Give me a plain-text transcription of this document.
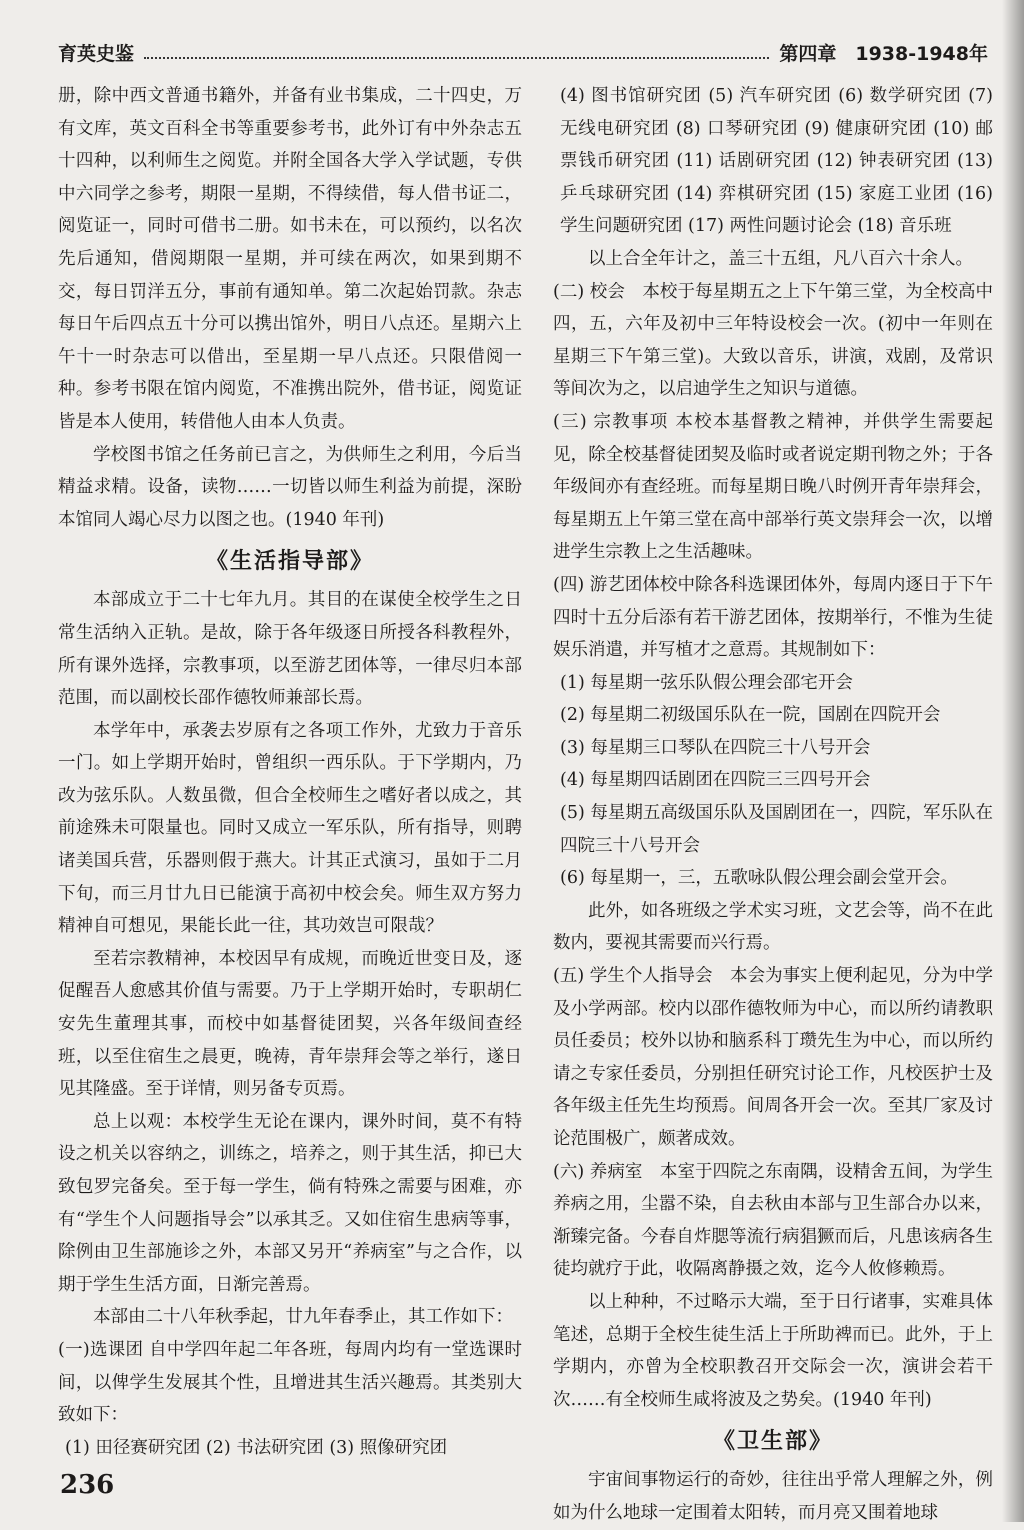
育英史鉴	第四章　1938-1948年

册，除中西文普通书籍外，并备有业书集成，二十四史，万有文库，英文百科全书等重要参考书，此外订有中外杂志五十四种，以利师生之阅览。并附全国各大学入学试题，专供中六同学之参考，期限一星期，不得续借，每人借书证二，阅览证一，同时可借书二册。如书未在，可以预约，以名次先后通知，借阅期限一星期，并可续在两次，如果到期不交，每日罚洋五分，事前有通知单。第二次起始罚款。杂志每日午后四点五十分可以携出馆外，明日八点还。星期六上午十一时杂志可以借出，至星期一早八点还。只限借阅一种。参考书限在馆内阅览，不准携出院外，借书证，阅览证皆是本人使用，转借他人由本人负责。

学校图书馆之任务前已言之，为供师生之利用，今后当精益求精。设备，读物……一切皆以师生利益为前提，深盼本馆同人竭心尽力以图之也。(1940 年刊)

《生活指导部》

本部成立于二十七年九月。其目的在谋使全校学生之日常生活纳入正轨。是故，除于各年级逐日所授各科教程外，所有课外选择，宗教事项，以至游艺团体等，一律尽归本部范围，而以副校长邵作德牧师兼部长焉。

本学年中，承袭去岁原有之各项工作外，尤致力于音乐一门。如上学期开始时，曾组织一西乐队。于下学期内，乃改为弦乐队。人数虽微，但合全校师生之嗜好者以成之，其前途殊未可限量也。同时又成立一军乐队，所有指导，则聘诸美国兵营，乐器则假于燕大。计其正式演习，虽如于二月下旬，而三月廿九日已能演于高初中校会矣。师生双方努力精神自可想见，果能长此一往，其功效岂可限哉？

至若宗教精神，本校因早有成规，而晚近世变日及，逐促醒吾人愈感其价值与需要。乃于上学期开始时，专职胡仁安先生董理其事，而校中如基督徒团契，兴各年级间查经班，以至住宿生之晨更，晚祷，青年崇拜会等之举行，遂日见其隆盛。至于详情，则另备专页焉。

总上以观：本校学生无论在课内，课外时间，莫不有特设之机关以容纳之，训练之，培养之，则于其生活，抑已大致包罗完备矣。至于每一学生，倘有特殊之需要与困难，亦有“学生个人问题指导会”以承其乏。又如住宿生患病等事，除例由卫生部施诊之外，本部又另开“养病室”与之合作，以期于学生生活方面，日渐完善焉。

本部由二十八年秋季起，廿九年春季止，其工作如下：

(一)选课团 自中学四年起二年各班，每周内均有一堂选课时间，以俾学生发展其个性，且增进其生活兴趣焉。其类别大致如下：

(1) 田径赛研究团 (2) 书法研究团 (3) 照像研究团

(4) 图书馆研究团 (5) 汽车研究团 (6) 数学研究团 (7) 无线电研究团 (8) 口琴研究团 (9) 健康研究团 (10) 邮票钱币研究团 (11) 话剧研究团 (12) 钟表研究团 (13) 乒乓球研究团 (14) 弈棋研究团 (15) 家庭工业团 (16) 学生问题研究团 (17) 两性问题讨论会 (18) 音乐班

以上合全年计之，盖三十五组，凡八百六十余人。

(二) 校会　本校于每星期五之上下午第三堂，为全校高中四，五，六年及初中三年特设校会一次。(初中一年则在星期三下午第三堂)。大致以音乐，讲演，戏剧，及常识等间次为之，以启迪学生之知识与道德。

(三) 宗教事项 本校本基督教之精神，并供学生需要起见，除全校基督徒团契及临时或者说定期刊物之外；于各年级间亦有查经班。而每星期日晚八时例开青年崇拜会，每星期五上午第三堂在高中部举行英文崇拜会一次，以增进学生宗教上之生活趣味。

(四) 游艺团体校中除各科选课团体外，每周内逐日于下午四时十五分后添有若干游艺团体，按期举行，不惟为生徒娱乐消遣，并写植才之意焉。其规制如下：

(1) 每星期一弦乐队假公理会邵宅开会

(2) 每星期二初级国乐队在一院，国剧在四院开会

(3) 每星期三口琴队在四院三十八号开会

(4) 每星期四话剧团在四院三三四号开会

(5) 每星期五高级国乐队及国剧团在一，四院，军乐队在四院三十八号开会

(6) 每星期一，三，五歌咏队假公理会副会堂开会。

此外，如各班级之学术实习班，文艺会等，尚不在此数内，要视其需要而兴行焉。

(五) 学生个人指导会　本会为事实上便利起见，分为中学及小学两部。校内以邵作德牧师为中心，而以所约请教职员任委员；校外以协和脑系科丁瓒先生为中心，而以所约请之专家任委员，分别担任研究讨论工作，凡校医护士及各年级主任先生均预焉。间周各开会一次。至其厂家及讨论范围极广，颇著成效。

(六) 养病室　本室于四院之东南隅，设精舍五间，为学生养病之用，尘嚣不染，自去秋由本部与卫生部合办以来，渐臻完备。今春自炸腮等流行病猖獗而后，凡患该病各生徒均就疗于此，收隔离静摄之效，迄今人攸修赖焉。

以上种种，不过略示大端，至于日行诸事，实难具体笔述，总期于全校生徒生活上于所助裨而已。此外，于上学期内，亦曾为全校职教召开交际会一次，演讲会若干次……有全校师生咸将波及之势矣。(1940 年刊)

《卫生部》

宇宙间事物运行的奇妙，往往出乎常人理解之外，例如为什么地球一定围着太阳转，而月亮又围着地球

236
